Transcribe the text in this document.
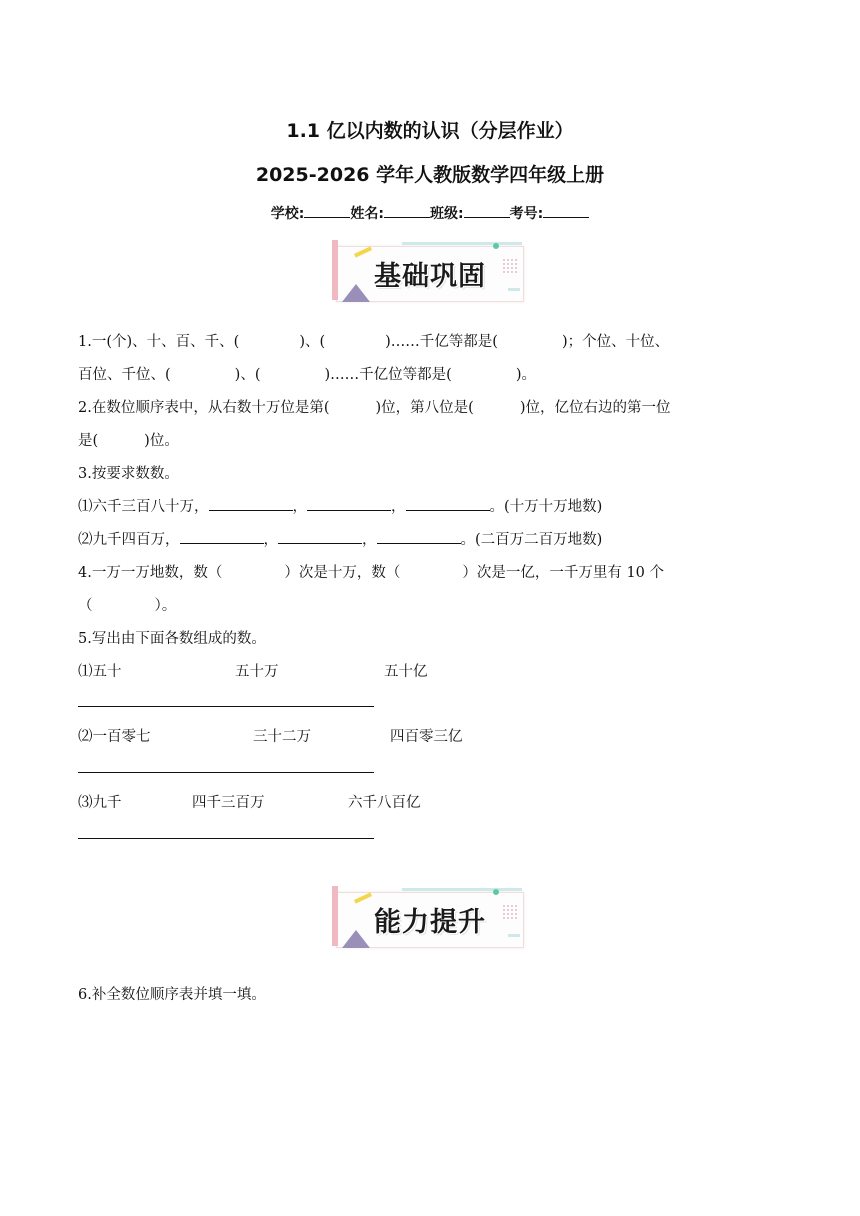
1.1 亿以内数的认识（分层作业）
2025-2026 学年人教版数学四年级上册
学校:	姓名:	班级:	考号:
基础巩固
1.一(个)、十、百、千、(	)、(	)……千亿等都是(	)；个位、十位、
百位、千位、(	)、(	)……千亿位等都是(	)。
2.在数位顺序表中，从右数十万位是第(	)位，第八位是(	)位，亿位右边的第一位
是(	)位。
3.按要求数数。
⑴六千三百八十万，	，	，	。(十万十万地数)
⑵九千四百万，	，	，	。(二百万二百万地数)
4.一万一万地数，数（	）次是十万，数（	）次是一亿，一千万里有 10 个
（	）。
5.写出由下面各数组成的数。
⑴五十	五十万	五十亿
⑵一百零七	三十二万	四百零三亿
⑶九千	四千三百万	六千八百亿
能力提升
6.补全数位顺序表并填一填。
